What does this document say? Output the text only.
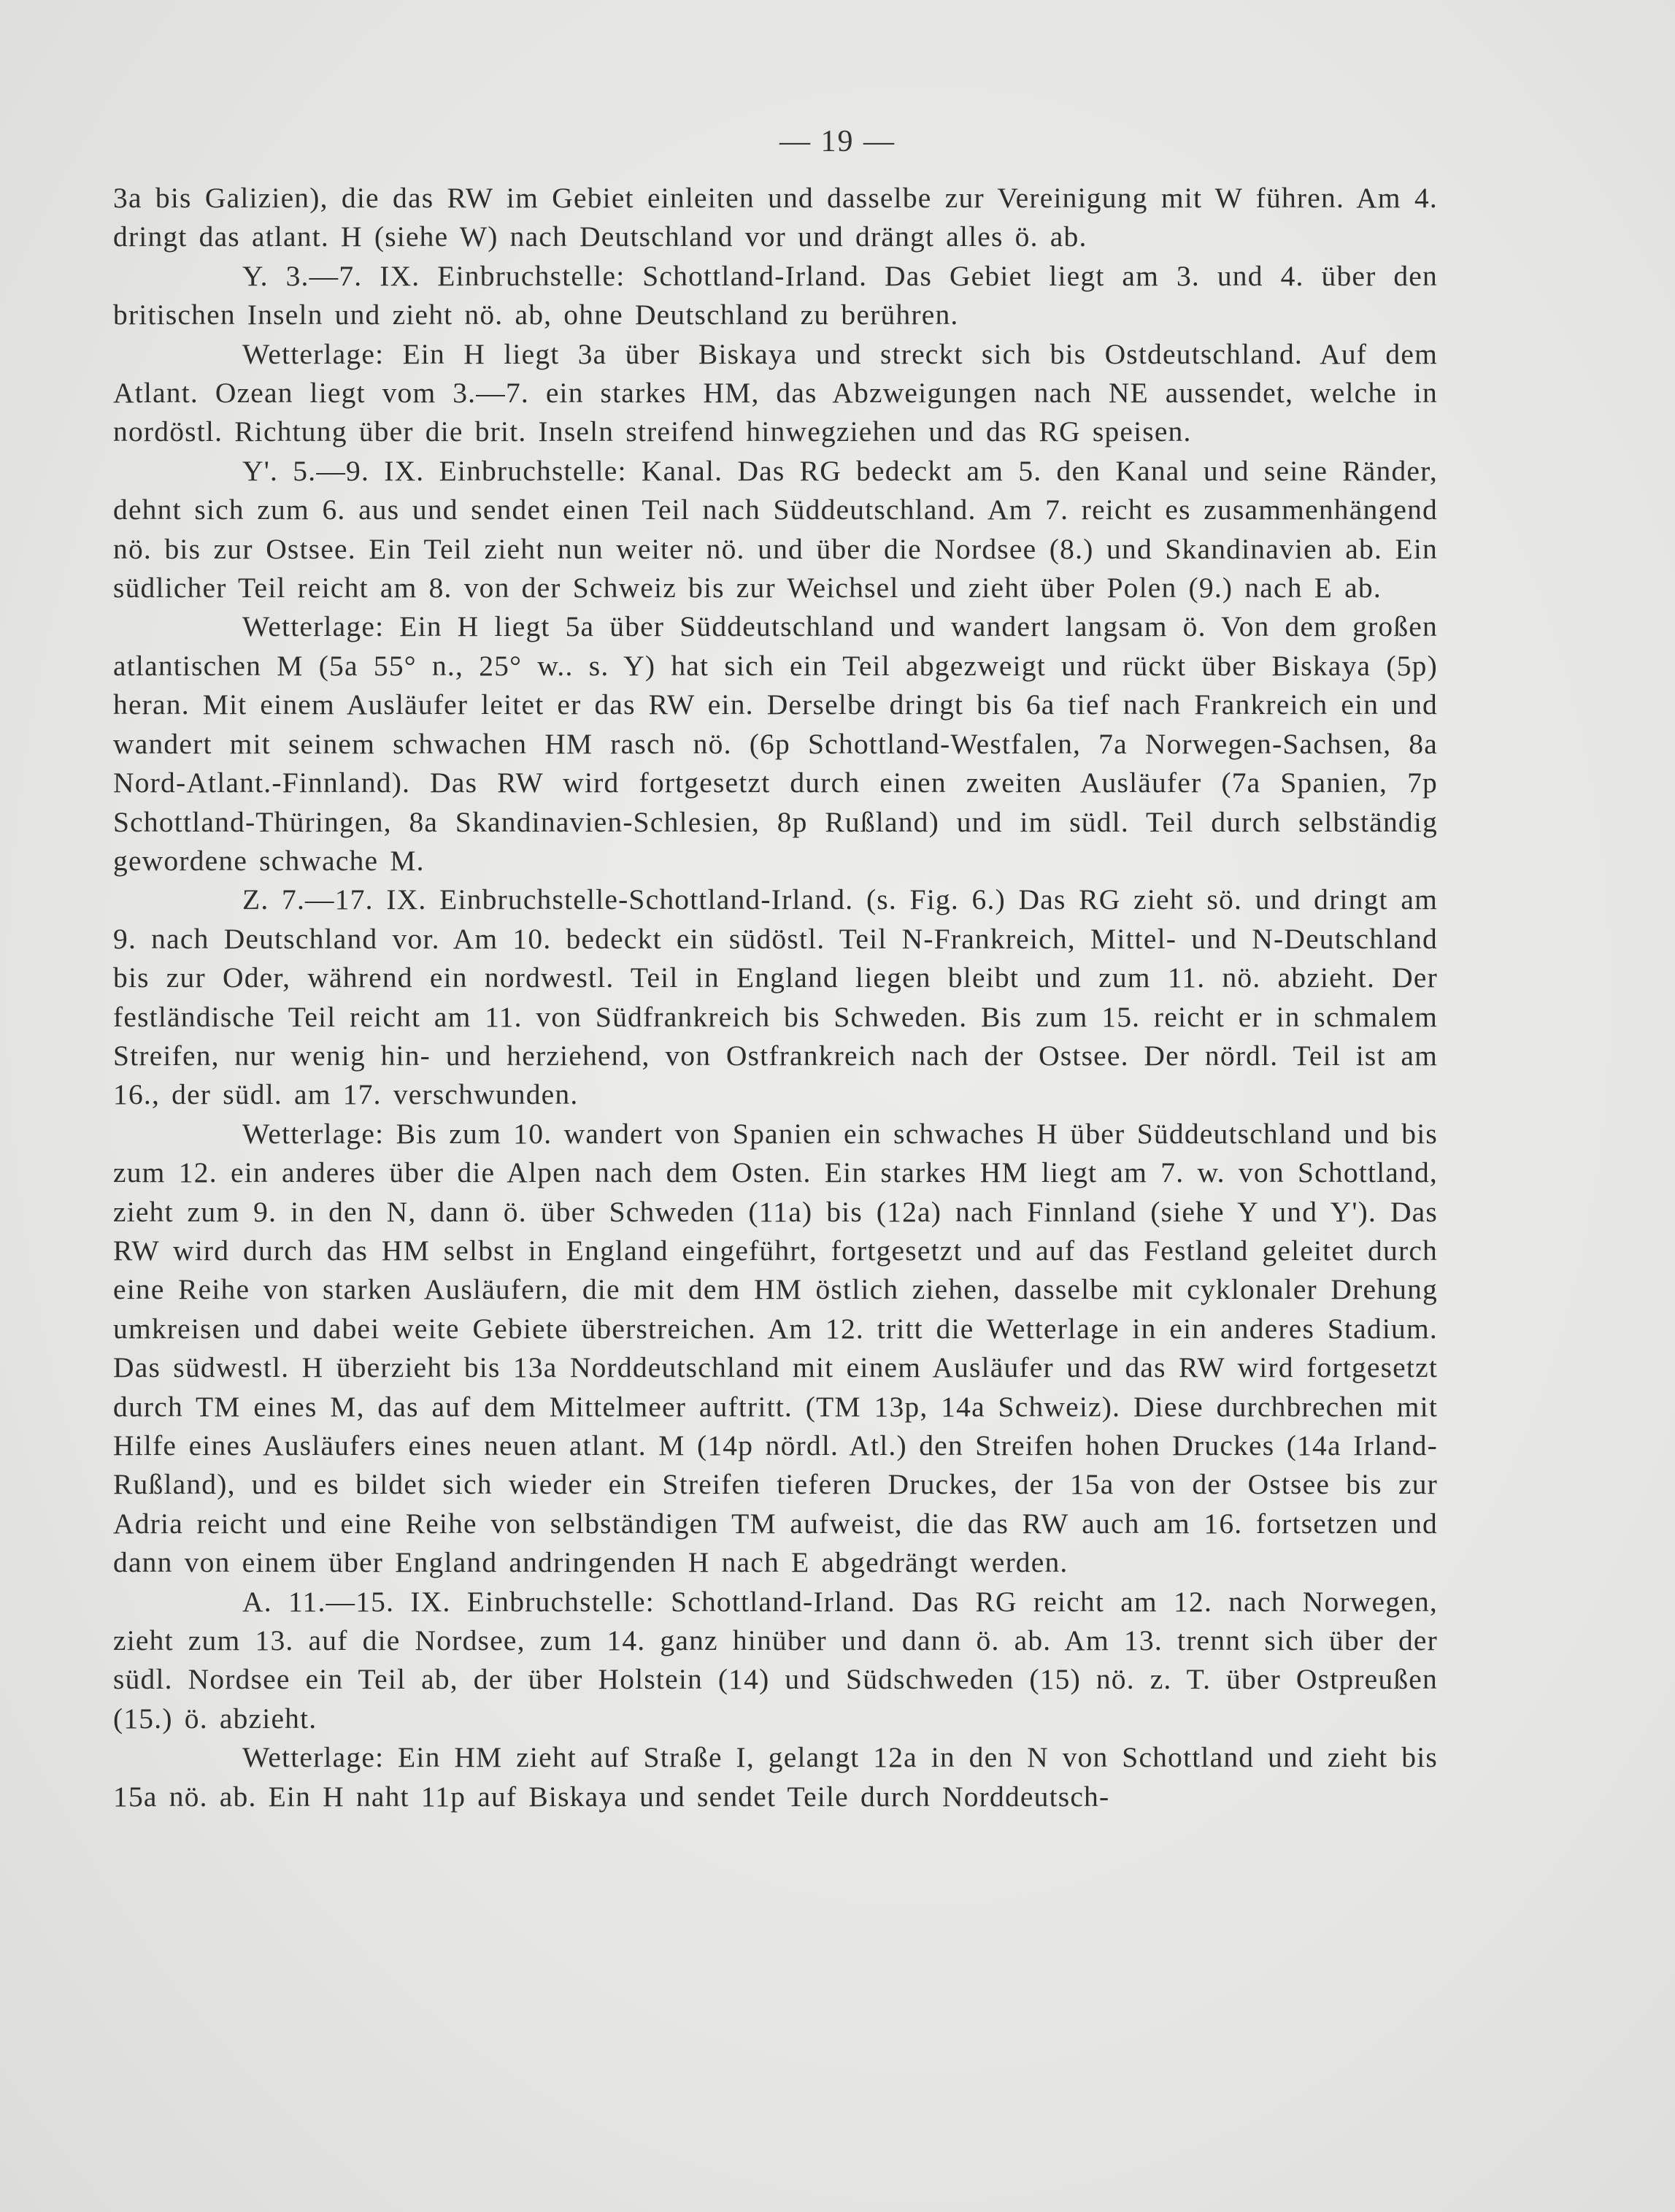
— 19 —

3a bis Galizien), die das RW im Gebiet einleiten und dasselbe zur Vereinigung mit W führen. Am 4. dringt das atlant. H (siehe W) nach Deutschland vor und drängt alles ö. ab.

Y. 3.—7. IX. Einbruchstelle: Schottland-Irland. Das Gebiet liegt am 3. und 4. über den britischen Inseln und zieht nö. ab, ohne Deutschland zu berühren.

Wetterlage: Ein H liegt 3a über Biskaya und streckt sich bis Ostdeutschland. Auf dem Atlant. Ozean liegt vom 3.—7. ein starkes HM, das Abzweigungen nach NE aussendet, welche in nordöstl. Richtung über die brit. Inseln streifend hinwegziehen und das RG speisen.

Y'. 5.—9. IX. Einbruchstelle: Kanal. Das RG bedeckt am 5. den Kanal und seine Ränder, dehnt sich zum 6. aus und sendet einen Teil nach Süddeutschland. Am 7. reicht es zusammenhängend nö. bis zur Ostsee. Ein Teil zieht nun weiter nö. und über die Nordsee (8.) und Skandinavien ab. Ein südlicher Teil reicht am 8. von der Schweiz bis zur Weichsel und zieht über Polen (9.) nach E ab.

Wetterlage: Ein H liegt 5a über Süddeutschland und wandert langsam ö. Von dem großen atlantischen M (5a 55° n., 25° w.. s. Y) hat sich ein Teil abgezweigt und rückt über Biskaya (5p) heran. Mit einem Ausläufer leitet er das RW ein. Derselbe dringt bis 6a tief nach Frankreich ein und wandert mit seinem schwachen HM rasch nö. (6p Schottland-Westfalen, 7a Norwegen-Sachsen, 8a Nord-Atlant.-Finnland). Das RW wird fortgesetzt durch einen zweiten Ausläufer (7a Spanien, 7p Schottland-Thüringen, 8a Skandinavien-Schlesien, 8p Rußland) und im südl. Teil durch selbständig gewordene schwache M.

Z. 7.—17. IX. Einbruchstelle-Schottland-Irland. (s. Fig. 6.) Das RG zieht sö. und dringt am 9. nach Deutschland vor. Am 10. bedeckt ein südöstl. Teil N-Frankreich, Mittel- und N-Deutschland bis zur Oder, während ein nordwestl. Teil in England liegen bleibt und zum 11. nö. abzieht. Der festländische Teil reicht am 11. von Südfrankreich bis Schweden. Bis zum 15. reicht er in schmalem Streifen, nur wenig hin- und herziehend, von Ostfrankreich nach der Ostsee. Der nördl. Teil ist am 16., der südl. am 17. verschwunden.

Wetterlage: Bis zum 10. wandert von Spanien ein schwaches H über Süddeutschland und bis zum 12. ein anderes über die Alpen nach dem Osten. Ein starkes HM liegt am 7. w. von Schottland, zieht zum 9. in den N, dann ö. über Schweden (11a) bis (12a) nach Finnland (siehe Y und Y'). Das RW wird durch das HM selbst in England eingeführt, fortgesetzt und auf das Festland geleitet durch eine Reihe von starken Ausläufern, die mit dem HM östlich ziehen, dasselbe mit cyklonaler Drehung umkreisen und dabei weite Gebiete überstreichen. Am 12. tritt die Wetterlage in ein anderes Stadium. Das südwestl. H überzieht bis 13a Norddeutschland mit einem Ausläufer und das RW wird fortgesetzt durch TM eines M, das auf dem Mittelmeer auftritt. (TM 13p, 14a Schweiz). Diese durchbrechen mit Hilfe eines Ausläufers eines neuen atlant. M (14p nördl. Atl.) den Streifen hohen Druckes (14a Irland-Rußland), und es bildet sich wieder ein Streifen tieferen Druckes, der 15a von der Ostsee bis zur Adria reicht und eine Reihe von selbständigen TM aufweist, die das RW auch am 16. fortsetzen und dann von einem über England andringenden H nach E abgedrängt werden.

A. 11.—15. IX. Einbruchstelle: Schottland-Irland. Das RG reicht am 12. nach Norwegen, zieht zum 13. auf die Nordsee, zum 14. ganz hinüber und dann ö. ab. Am 13. trennt sich über der südl. Nordsee ein Teil ab, der über Holstein (14) und Südschweden (15) nö. z. T. über Ostpreußen (15.) ö. abzieht.

Wetterlage: Ein HM zieht auf Straße I, gelangt 12a in den N von Schottland und zieht bis 15a nö. ab. Ein H naht 11p auf Biskaya und sendet Teile durch Norddeutsch-
